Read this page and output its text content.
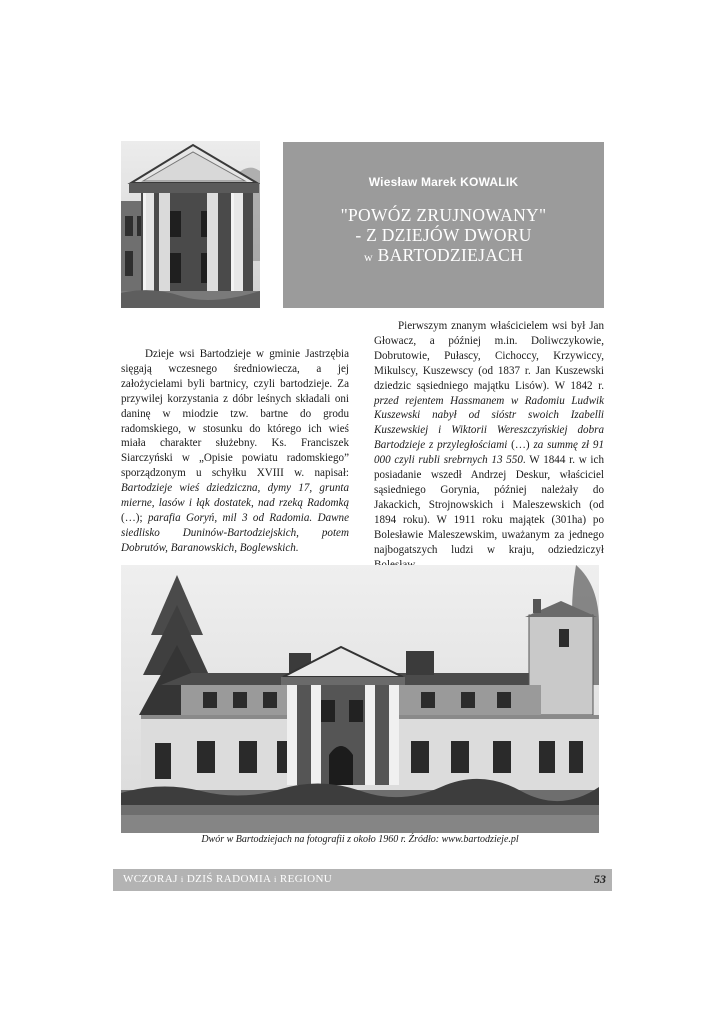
Wiesław Marek KOWALIK
"POWÓZ ZRUJNOWANY"
- Z DZIEJÓW DWORU
w BARTODZIEJACH

Dzieje wsi Bartodzieje w gminie Jastrzębia sięgają wczesnego średniowiecza, a jej założycielami byli bartnicy, czyli bartodzieje. Za przywilej korzystania z dóbr leśnych składali oni daninę w miodzie tzw. bartne do grodu radomskiego, w stosunku do którego ich wieś miała charakter służebny. Ks. Franciszek Siarczyński w „Opisie powiatu radomskiego” sporządzonym u schyłku XVIII w. napisał: Bartodzieje wieś dziedziczna, dymy 17, grunta mierne, lasów i łąk dostatek, nad rzeką Radomką (…); parafia Goryń, mil 3 od Radomia. Dawne siedlisko Duninów-Bartodziejskich, potem Dobrutów, Baranowskich, Boglewskich.

Pierwszym znanym właścicielem wsi był Jan Głowacz, a później m.in. Doliwczykowie, Dobrutowie, Pułascy, Cichoccy, Krzywiccy, Mikulscy, Kuszewscy (od 1837 r. Jan Kuszewski dziedzic sąsiedniego majątku Lisów). W 1842 r. przed rejentem Hassmanem w Radomiu Ludwik Kuszewski nabył od sióstr swoich Izabelli Kuszewskiej i Wiktorii Wereszczyńskiej dobra Bartodzieje z przyległościami (…) za summę zł 91 000 czyli rubli srebrnych 13 550. W 1844 r. w ich posiadanie wszedł Andrzej Deskur, właściciel sąsiedniego Gorynia, później należały do Jakackich, Strojnowskich i Maleszewskich (od 1894 roku). W 1911 roku majątek (301ha) po Bolesławie Maleszewskim, uważanym za jednego najbogatszych ludzi w kraju, odziedziczył

Dwór w Bartodziejach na fotografii z około 1960 r. Źródło: www.bartodzieje.pl
WCZORAJ i DZIŚ RADOMIA i REGIONU	53
